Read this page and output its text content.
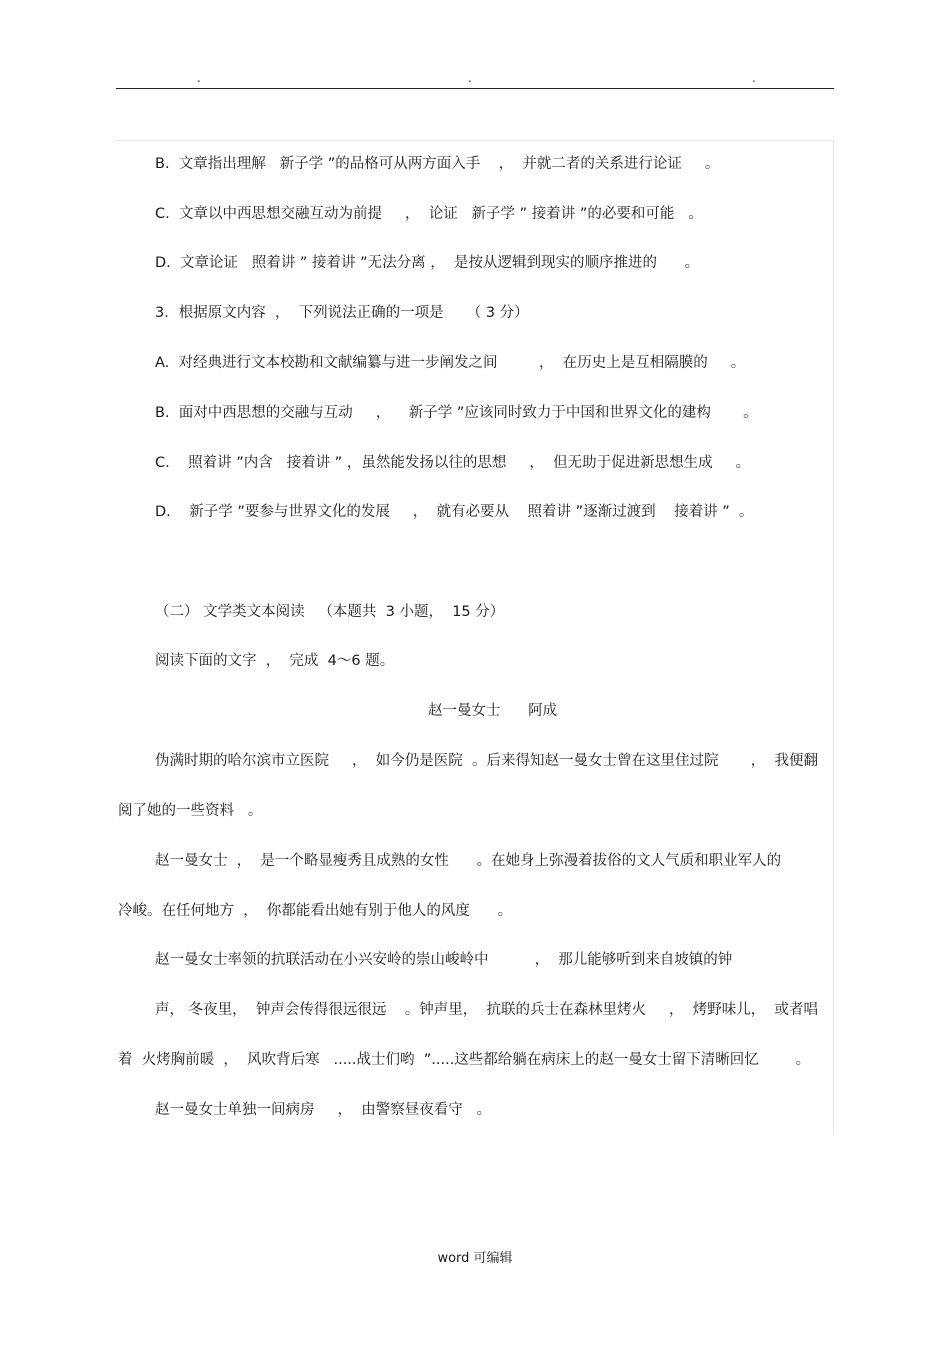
.	.	.
B.  文章指出理解   新子学 ”的品格可从两方面入手    ，  并就二者的关系进行论证     。
C.  文章以中西思想交融互动为前提     ，  论证   新子学 ” 接着讲 ”的必要和可能   。
D.  文章论证   照着讲 ” 接着讲 ”无法分离 ，  是按从逻辑到现实的顺序推进的      。
3．根据原文内容  ，  下列说法正确的一项是     （ 3 分）
A.  对经典进行文本校勘和文献编纂与进一步阐发之间         ，  在历史上是互相隔膜的     。
B.  面对中西思想的交融与互动     ，    新子学 ”应该同时致力于中国和世界文化的建构       。
C.    照着讲 ”内含   接着讲 ” ，虽然能发扬以往的思想     ，  但无助于促进新思想生成     。
D.    新子学 ”要参与世界文化的发展     ，  就有必要从    照着讲 ”逐渐过渡到    接着讲 ”  。
（二） 文学类文本阅读   （本题共  3 小题，  15 分）
阅读下面的文字  ，  完成  4～6 题。
赵一曼女士      阿成
伪满时期的哈尔滨市立医院     ，  如今仍是医院  。后来得知赵一曼女士曾在这里住过院       ，  我便翻
阅了她的一些资料   。
赵一曼女士  ，  是一个略显瘦秀且成熟的女性      。在她身上弥漫着拔俗的文人气质和职业军人的
冷峻。在任何地方  ，  你都能看出她有别于他人的风度      。
赵一曼女士率领的抗联活动在小兴安岭的崇山峻岭中          ，  那儿能够听到来自坡镇的钟
声， 冬夜里，  钟声会传得很远很远    。钟声里，  抗联的兵士在森林里烤火     ，  烤野味儿，  或者唱
着  火烤胸前暖  ，  风吹背后寒   .....战士们哟  ”.....这些都给躺在病床上的赵一曼女士留下清晰回忆        。
赵一曼女士单独一间病房     ，  由警察昼夜看守   。
word 可编辑
